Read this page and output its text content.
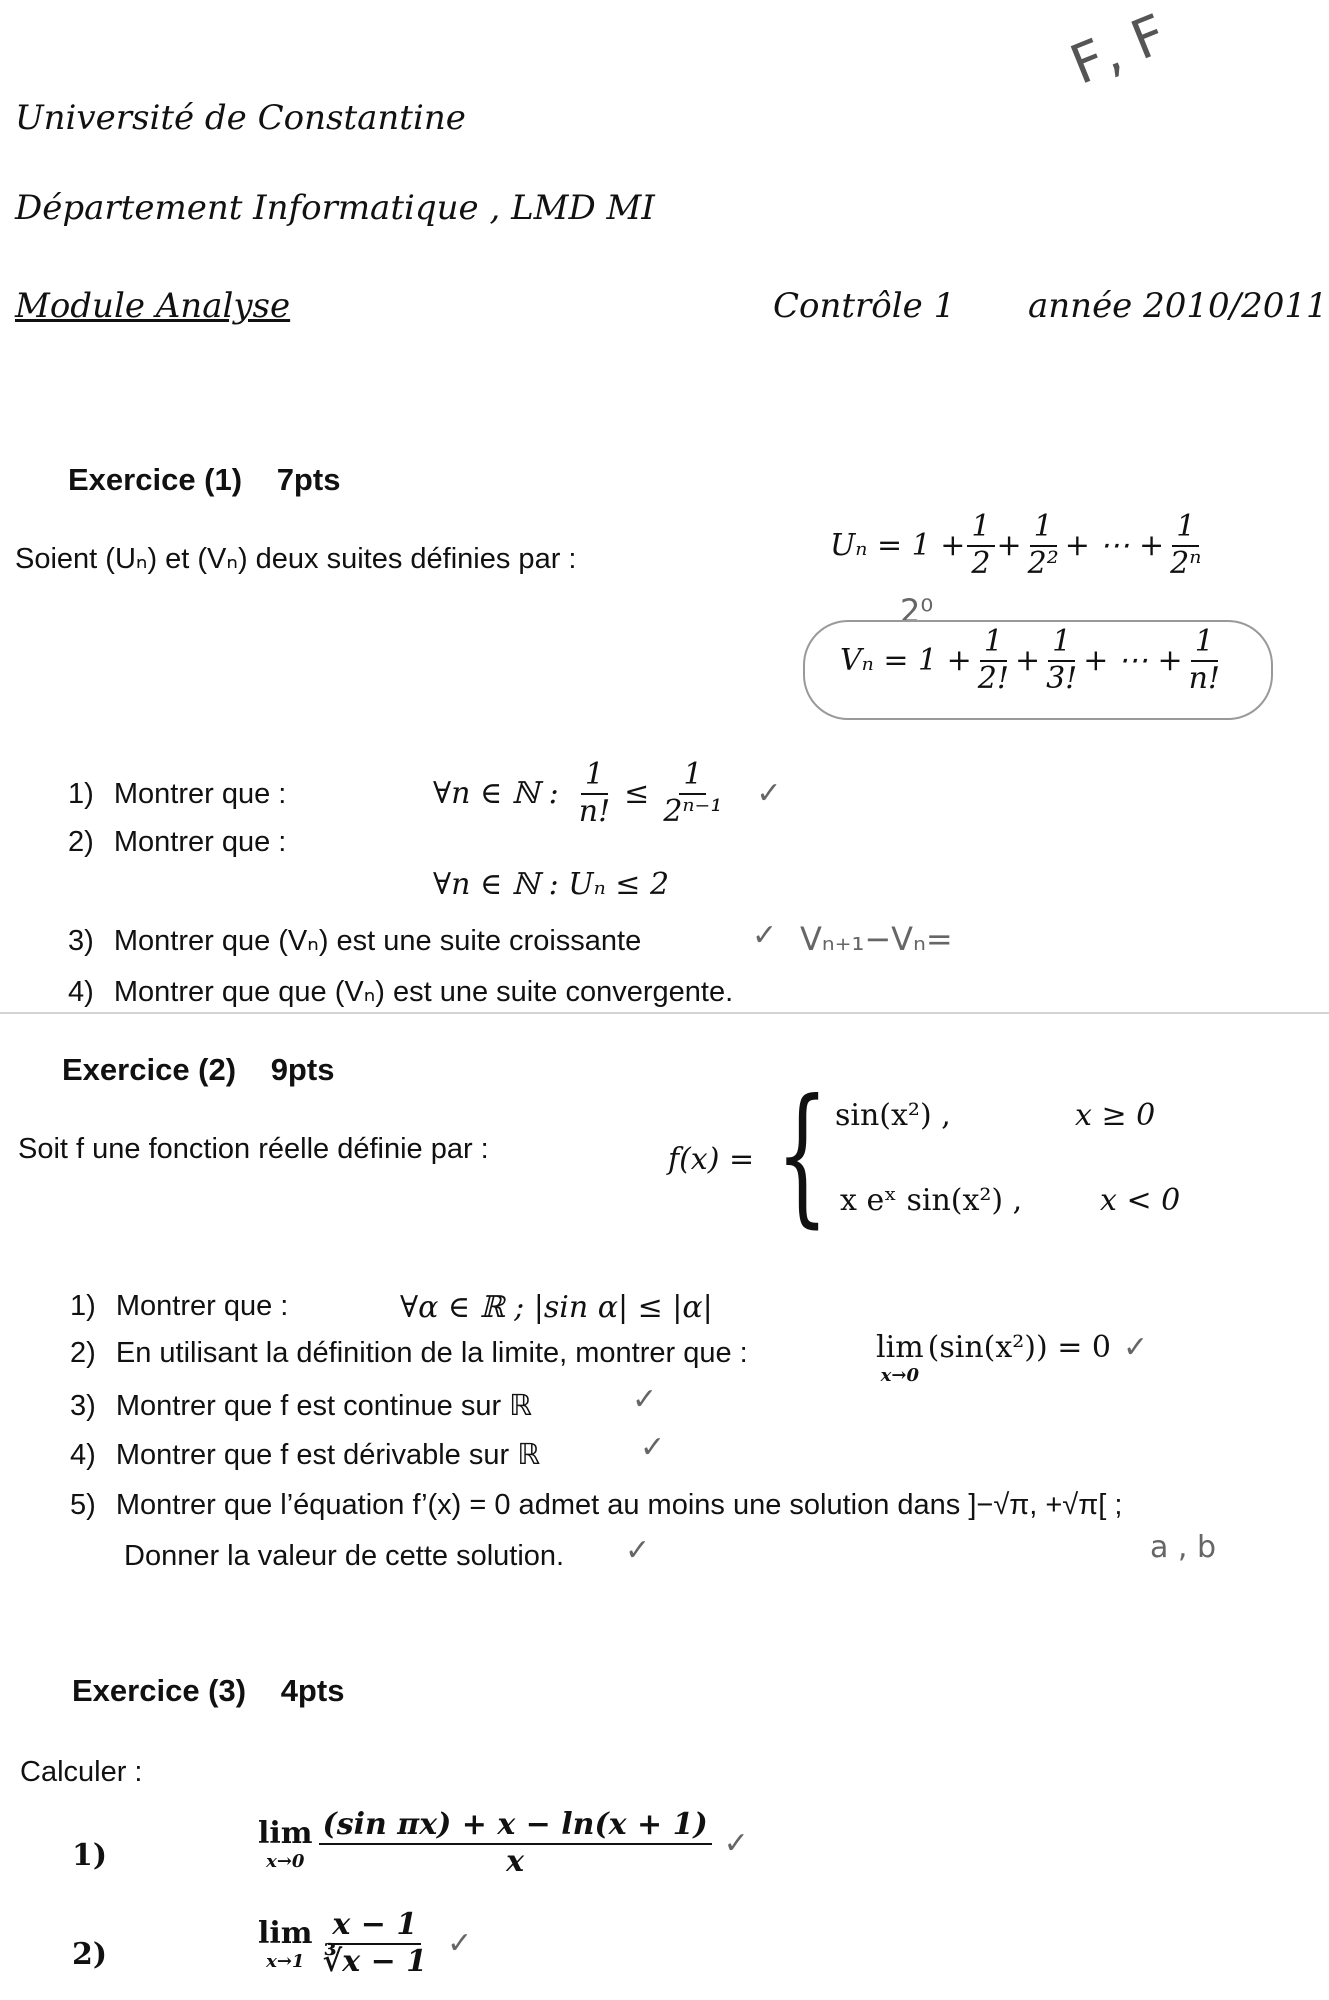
Université de Constantine
Département Informatique , LMD MI
Module Analyse	Contrôle 1 année 2010/2011
F, F
Exercice (1) 7pts
Soient (Uₙ) et (Vₙ) deux suites définies par :	$U_n = 1 + \frac{1}{2} + \frac{1}{\text{2²}}$ + ⋯ + $\frac{1}{\text{2ⁿ}}$
2⁰
$V_n = 1 + \frac{1}{2!} + \frac{1}{3!}$ + ⋯ + $\frac{1}{n!}$
1) Montrer que :	∀n ∈ ℕ : $\frac{1}{n!} \le \frac{1}{\text{2ⁿ⁻¹}}$ ✓
2) Montrer que :
∀n ∈ ℕ : Uₙ ≤ 2
3) Montrer que (Vₙ) est une suite croissante	✓ Vₙ₊₁−Vₙ=
4) Montrer que que (Vₙ) est une suite convergente.
Exercice (2) 9pts
Soit f une fonction réelle définie par :	f(x) = { sin(x²) ,	x ≥ 0
x eˣ sin(x²) ,	x < 0
1) Montrer que :	∀α ∈ ℝ ; |sin α| ≤ |α|
2) En utilisant la définition de la limite, montrer que :	lim
x→0
(sin(x²)) = 0 ✓
3) Montrer que f est continue sur ℝ	✓
4) Montrer que f est dérivable sur ℝ	✓
5) Montrer que l’équation f’(x) = 0 admet au moins une solution dans ]−√π, +√π[ ;
Donner la valeur de cette solution. ✓	a , b
Exercice (3) 4pts
Calculer :
1)
lim
$x\to 0 \frac{\text{(sin πx) + x − ln(x + 1)}}{x}$ ✓
2)
lim
$x\to 1 \frac{x - 1}{∛x - 1}$ ✓
